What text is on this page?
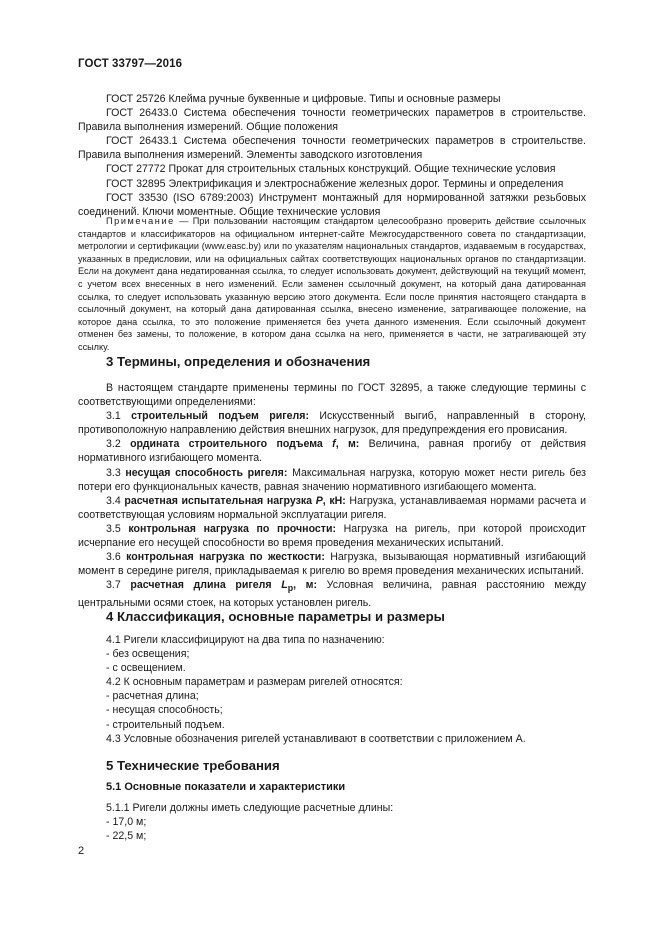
ГОСТ 33797—2016

ГОСТ 25726 Клейма ручные буквенные и цифровые. Типы и основные размеры

ГОСТ 26433.0 Система обеспечения точности геометрических параметров в строительстве. Правила выполнения измерений. Общие положения

ГОСТ 26433.1 Система обеспечения точности геометрических параметров в строительстве. Правила выполнения измерений. Элементы заводского изготовления

ГОСТ 27772 Прокат для строительных стальных конструкций. Общие технические условия

ГОСТ 32895 Электрификация и электроснабжение железных дорог. Термины и определения

ГОСТ 33530 (ISO 6789:2003) Инструмент монтажный для нормированной затяжки резьбовых соединений. Ключи моментные. Общие технические условия

Примечание — При пользовании настоящим стандартом целесообразно проверить действие ссылочных стандартов и классификаторов на официальном интернет-сайте Межгосударственного совета по стандартизации, метрологии и сертификации (www.easc.by) или по указателям национальных стандартов, издаваемым в государствах, указанных в предисловии, или на официальных сайтах соответствующих национальных органов по стандартизации. Если на документ дана недатированная ссылка, то следует использовать документ, действующий на текущий момент, с учетом всех внесенных в него изменений. Если заменен ссылочный документ, на который дана датированная ссылка, то следует использовать указанную версию этого документа. Если после принятия настоящего стандарта в ссылочный документ, на который дана датированная ссылка, внесено изменение, затрагивающее положение, на которое дана ссылка, то это положение применяется без учета данного изменения. Если ссылочный документ отменен без замены, то положение, в котором дана ссылка на него, применяется в части, не затрагивающей эту ссылку.
3 Термины, определения и обозначения

В настоящем стандарте применены термины по ГОСТ 32895, а также следующие термины с соответствующими определениями:

3.1 строительный подъем ригеля: Искусственный выгиб, направленный в сторону, противоположную направлению действия внешних нагрузок, для предупреждения его провисания.

3.2 ордината строительного подъема f, м: Величина, равная прогибу от действия нормативного изгибающего момента.

3.3 несущая способность ригеля: Максимальная нагрузка, которую может нести ригель без потери его функциональных качеств, равная значению нормативного изгибающего момента.

3.4 расчетная испытательная нагрузка P, кН: Нагрузка, устанавливаемая нормами расчета и соответствующая условиям нормальной эксплуатации ригеля.

3.5 контрольная нагрузка по прочности: Нагрузка на ригель, при которой происходит исчерпание его несущей способности во время проведения механических испытаний.

3.6 контрольная нагрузка по жесткости: Нагрузка, вызывающая нормативный изгибающий момент в середине ригеля, прикладываемая к ригелю во время проведения механических испытаний.

3.7 расчетная длина ригеля $L_p$, м: Условная величина, равная расстоянию между центральными осями стоек, на которых установлен ригель.

4 Классификация, основные параметры и размеры
4.1 Ригели классифицируют на два типа по назначению:
- без освещения;
- с освещением.
4.2 К основным параметрам и размерам ригелей относятся:
- расчетная длина;
- несущая способность;
- строительный подъем.
4.3 Условные обозначения ригелей устанавливают в соответствии с приложением А.
5 Технические требования
5.1 Основные показатели и характеристики
5.1.1 Ригели должны иметь следующие расчетные длины:
- 17,0 м;
- 22,5 м;
2
